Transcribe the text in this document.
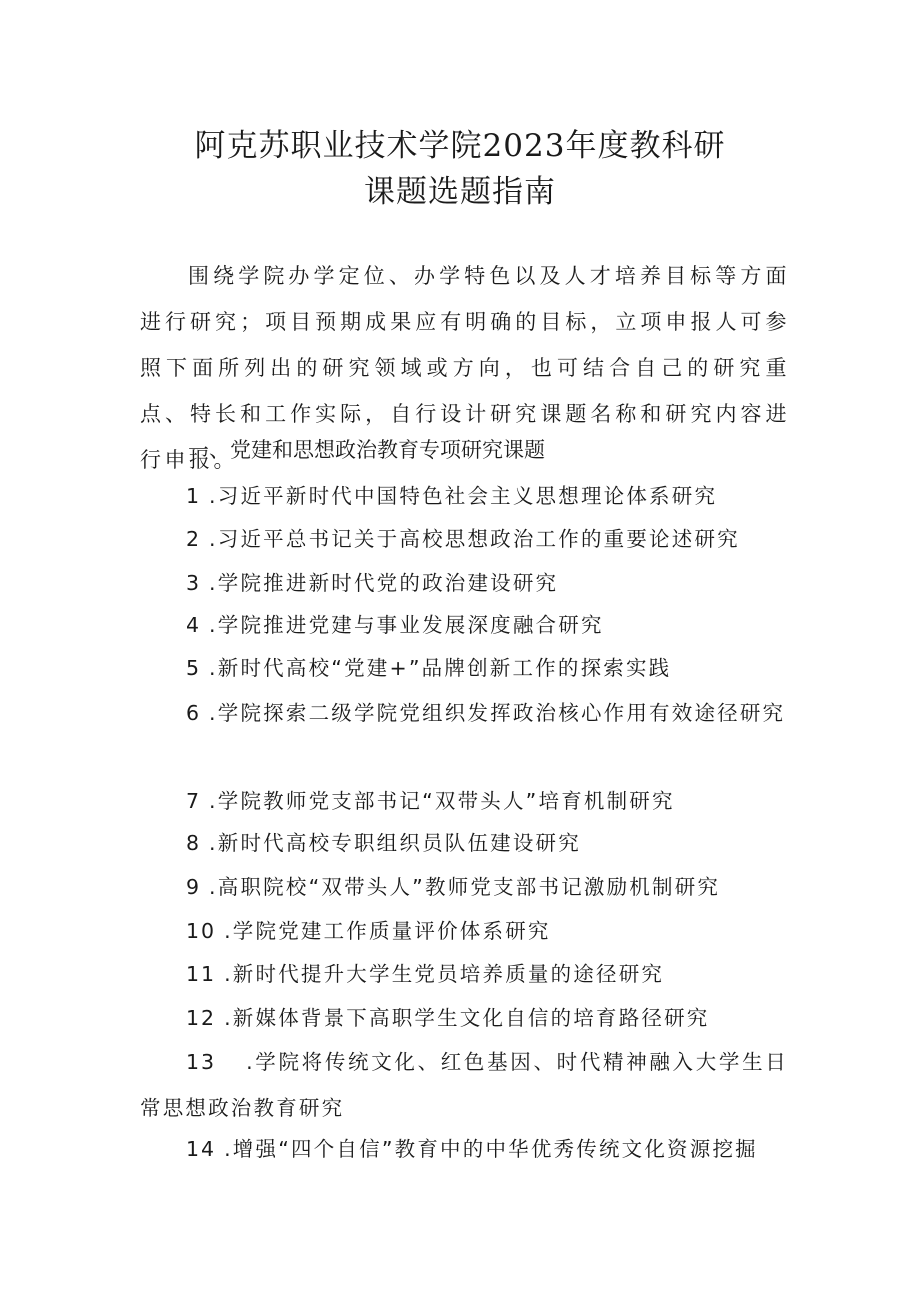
阿克苏职业技术学院2023年度教科研
课题选题指南

围绕学院办学定位、办学特色以及人才培养目标等方面进行研究；项目预期成果应有明确的目标，立项申报人可参照下面所列出的研究领域或方向，也可结合自己的研究重点、特长和工作实际，自行设计研究课题名称和研究内容进行申报。

一、党建和思想政治教育专项研究课题

1 .习近平新时代中国特色社会主义思想理论体系研究

2 .习近平总书记关于高校思想政治工作的重要论述研究

3 .学院推进新时代党的政治建设研究

4 .学院推进党建与事业发展深度融合研究

5 .新时代高校“党建+”品牌创新工作的探索实践

6 .学院探索二级学院党组织发挥政治核心作用有效途径研究

7 .学院教师党支部书记“双带头人”培育机制研究

8 .新时代高校专职组织员队伍建设研究

9 .高职院校“双带头人”教师党支部书记激励机制研究

10 .学院党建工作质量评价体系研究

11 .新时代提升大学生党员培养质量的途径研究

12 .新媒体背景下高职学生文化自信的培育路径研究

13 .学院将传统文化、红色基因、时代精神融入大学生日常思想政治教育研究

14 .增强“四个自信”教育中的中华优秀传统文化资源挖掘
